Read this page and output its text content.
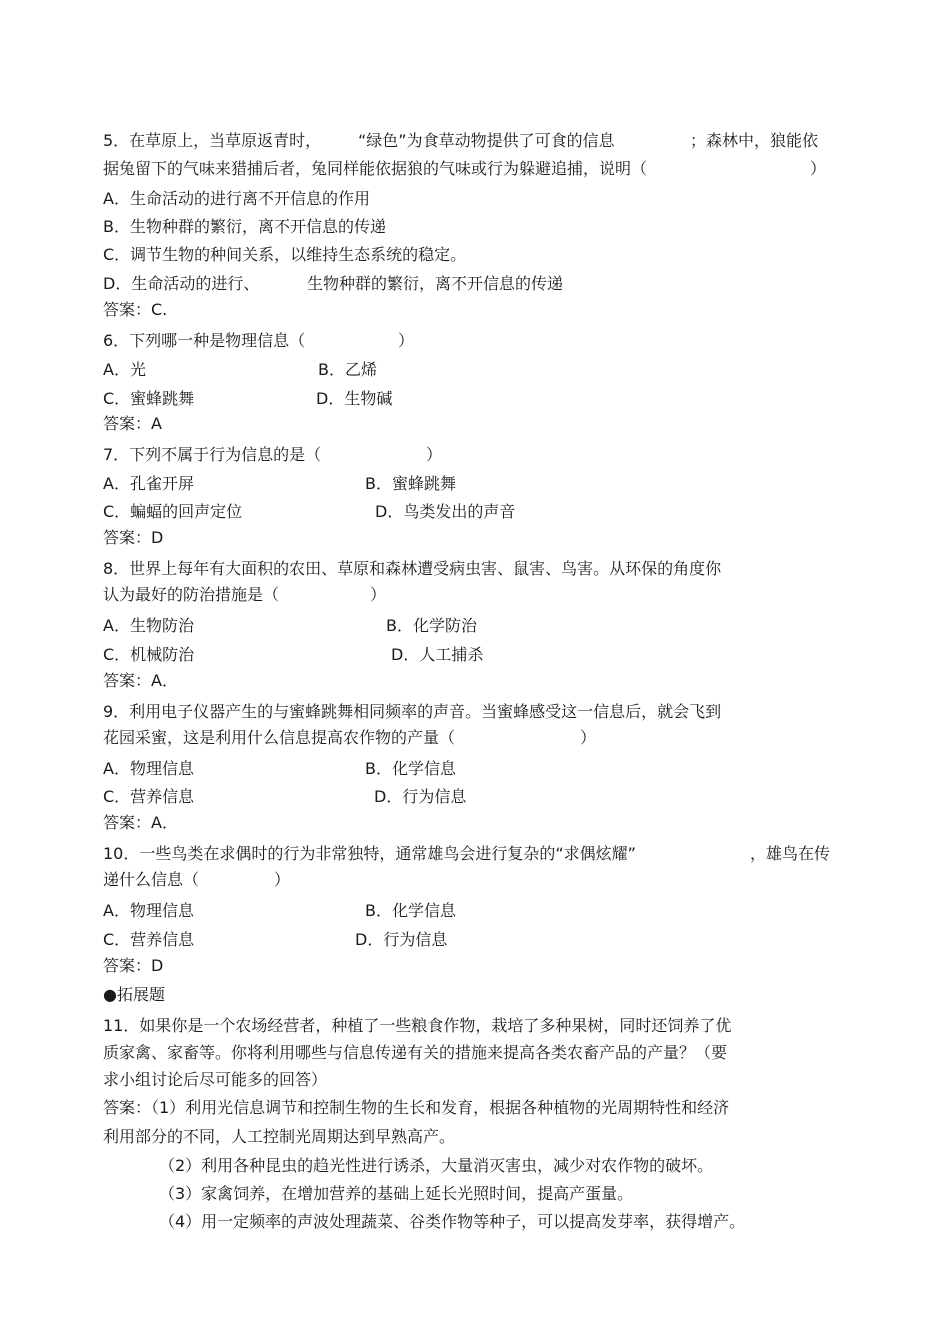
5．在草原上，当草原返青时， “绿色”为食草动物提供了可食的信息	；森林中，狼能依
据兔留下的气味来猎捕后者，兔同样能依据狼的气味或行为躲避追捕，说明（	）
A．生命活动的进行离不开信息的作用
B．生物种群的繁衍，离不开信息的传递
C．调节生物的种间关系，以维持生态系统的稳定。
D．生命活动的进行、	生物种群的繁衍，离不开信息的传递
答案：C.
6．下列哪一种是物理信息（	）
A．光	B．乙烯
C．蜜蜂跳舞	D．生物碱
答案：A
7．下列不属于行为信息的是（	）
A．孔雀开屏	B．蜜蜂跳舞
C．蝙蝠的回声定位	D．鸟类发出的声音
答案：D
8．世界上每年有大面积的农田、草原和森林遭受病虫害、鼠害、鸟害。从环保的角度你
认为最好的防治措施是（	）
A．生物防治	B．化学防治
C．机械防治	D．人工捕杀
答案：A．
9．利用电子仪器产生的与蜜蜂跳舞相同频率的声音。当蜜蜂感受这一信息后，就会飞到
花园采蜜，这是利用什么信息提高农作物的产量（	）
A．物理信息	B．化学信息
C．营养信息	D．行为信息
答案：A．
10．一些鸟类在求偶时的行为非常独特，通常雄鸟会进行复杂的“求偶炫耀”	，雄鸟在传
递什么信息（	）
A．物理信息	B．化学信息
C．营养信息	D．行为信息
答案：D
●拓展题
11．如果你是一个农场经营者，种植了一些粮食作物，栽培了多种果树，同时还饲养了优
质家禽、家畜等。你将利用哪些与信息传递有关的措施来提高各类农畜产品的产量？（要
求小组讨论后尽可能多的回答）
答案：（1）利用光信息调节和控制生物的生长和发育，根据各种植物的光周期特性和经济
利用部分的不同，人工控制光周期达到早熟高产。
（2）利用各种昆虫的趋光性进行诱杀，大量消灭害虫，减少对农作物的破坏。
（3）家禽饲养，在增加营养的基础上延长光照时间，提高产蛋量。
（4）用一定频率的声波处理蔬菜、谷类作物等种子，可以提高发芽率，获得增产。
